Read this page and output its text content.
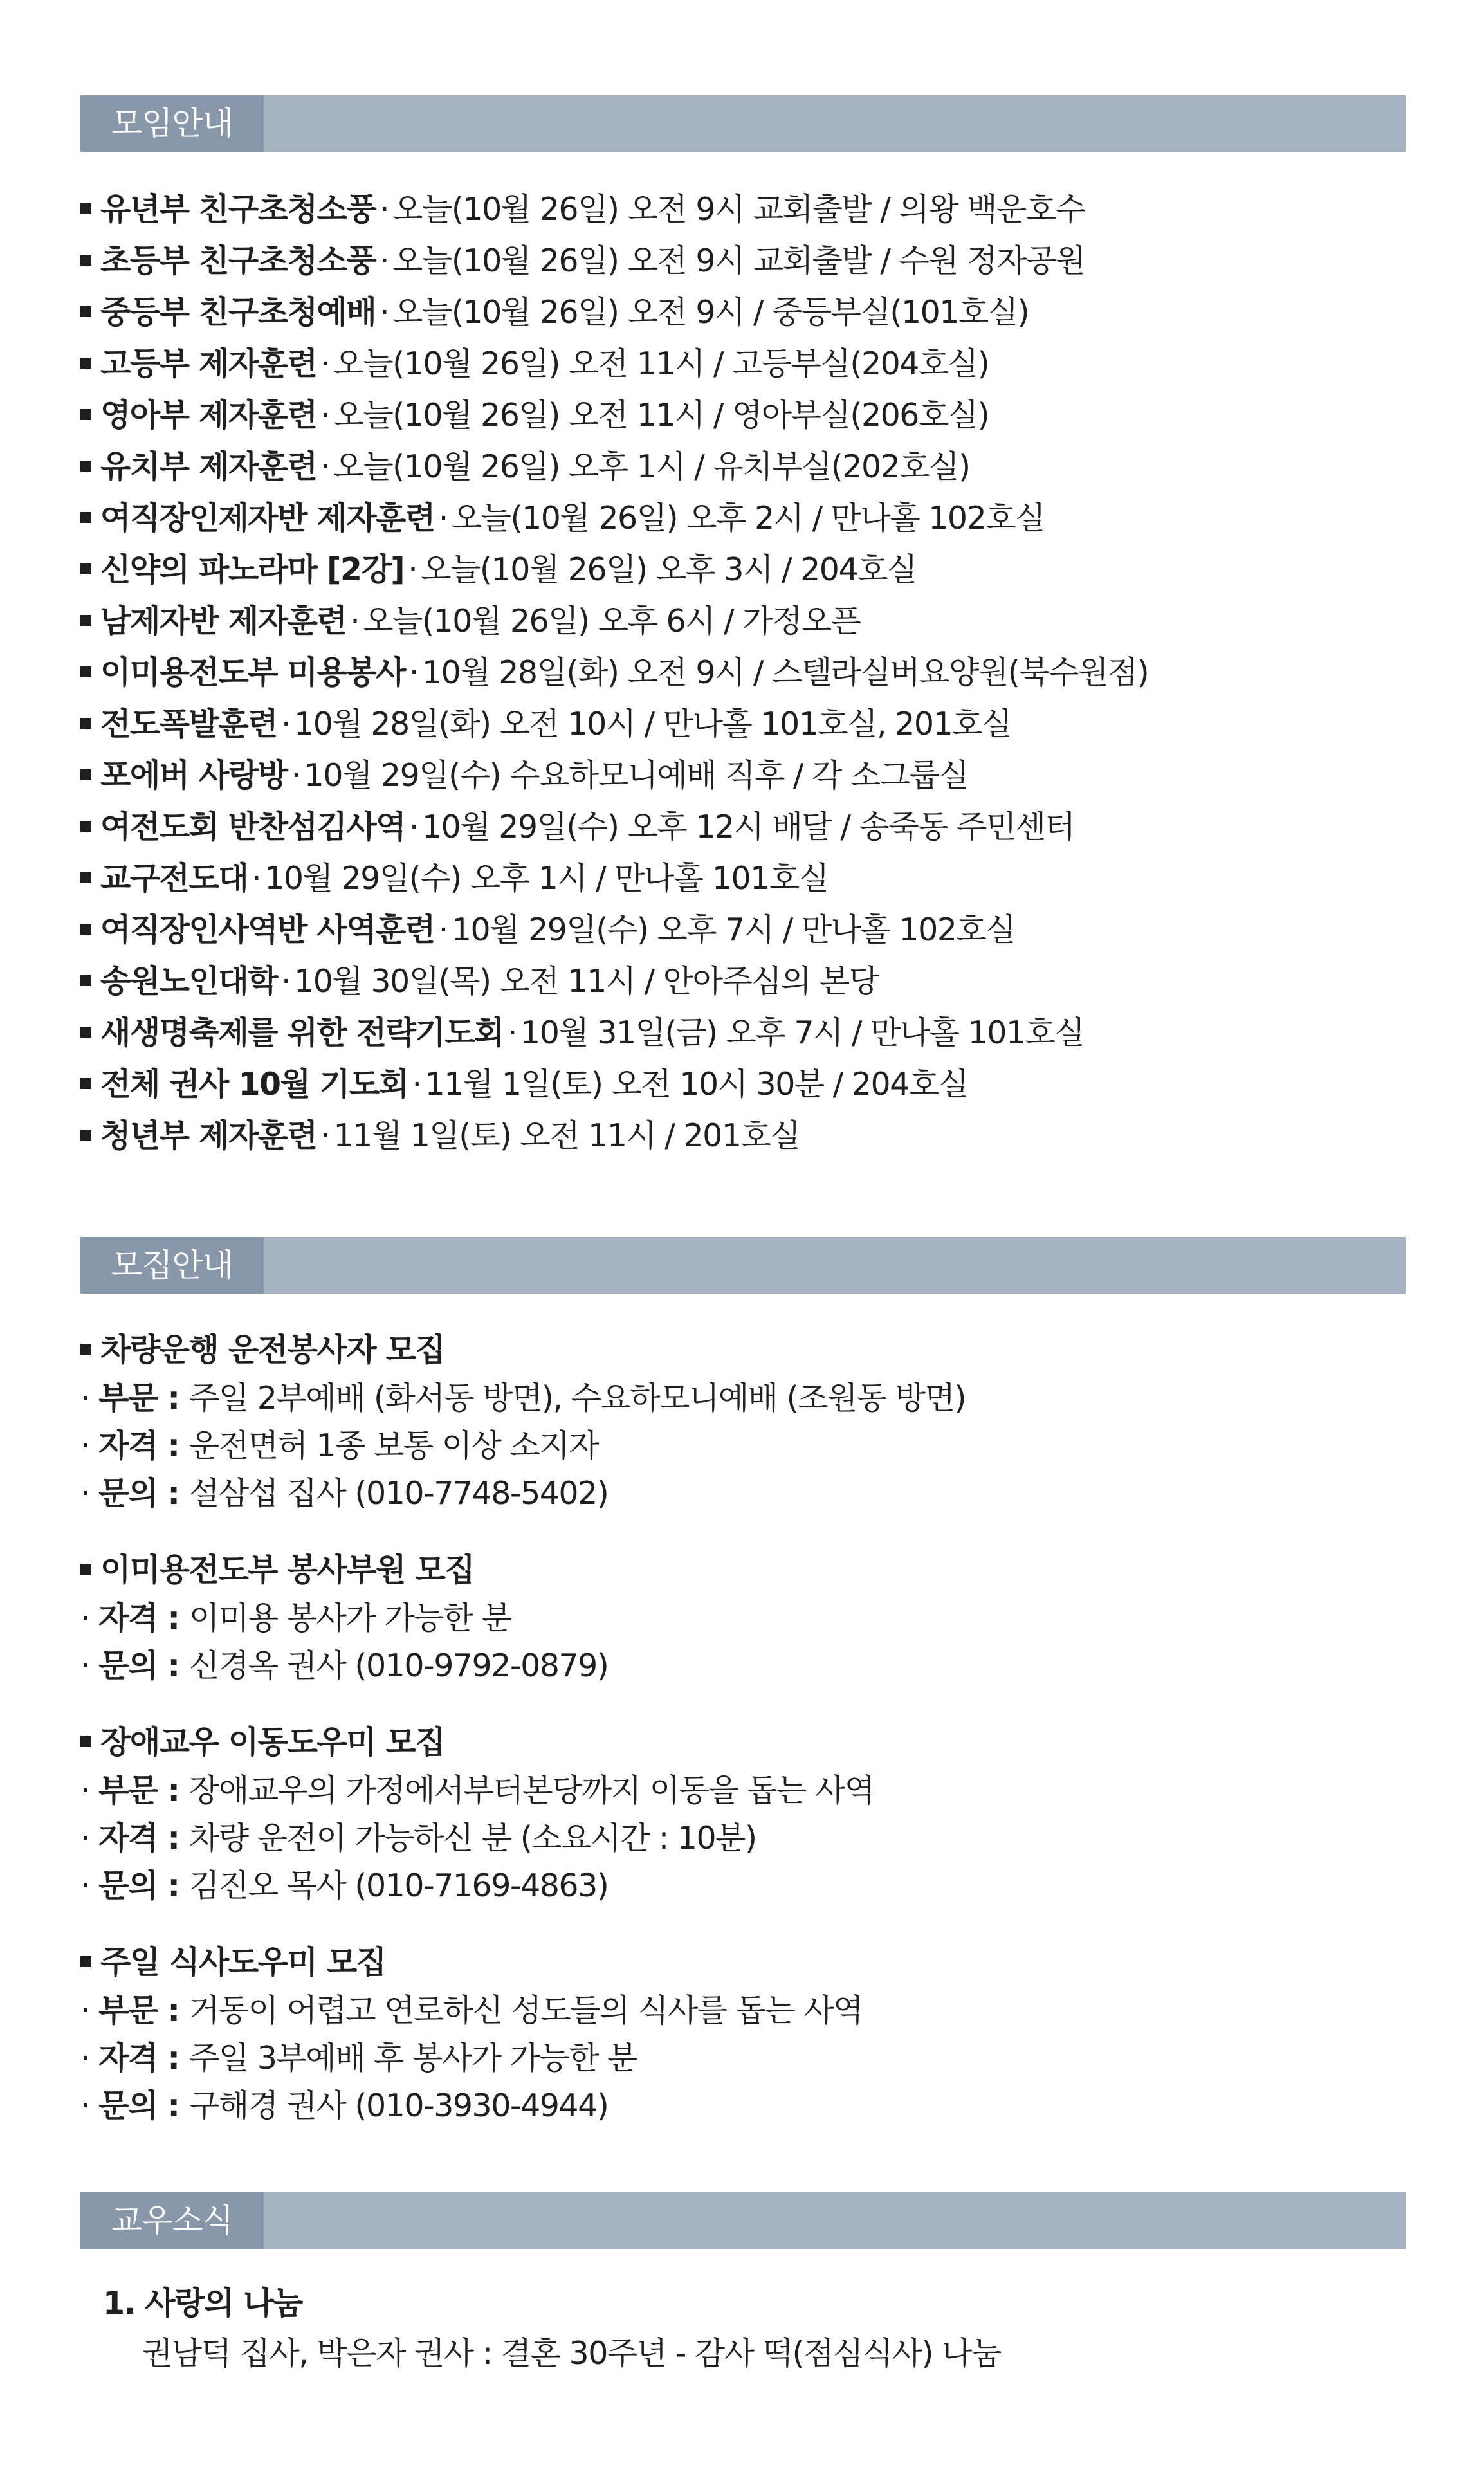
모임안내
유년부 친구초청소풍 · 오늘(10월 26일) 오전 9시 교회출발 / 의왕 백운호수
초등부 친구초청소풍 · 오늘(10월 26일) 오전 9시 교회출발 / 수원 정자공원
중등부 친구초청예배 · 오늘(10월 26일) 오전 9시 / 중등부실(101호실)
고등부 제자훈련 · 오늘(10월 26일) 오전 11시 / 고등부실(204호실)
영아부 제자훈련 · 오늘(10월 26일) 오전 11시 / 영아부실(206호실)
유치부 제자훈련 · 오늘(10월 26일) 오후 1시 / 유치부실(202호실)
여직장인제자반 제자훈련 · 오늘(10월 26일) 오후 2시 / 만나홀 102호실
신약의 파노라마 [2강] · 오늘(10월 26일) 오후 3시 / 204호실
남제자반 제자훈련 · 오늘(10월 26일) 오후 6시 / 가정오픈
이미용전도부 미용봉사 · 10월 28일(화) 오전 9시 / 스텔라실버요양원(북수원점)
전도폭발훈련 · 10월 28일(화) 오전 10시 / 만나홀 101호실, 201호실
포에버 사랑방 · 10월 29일(수) 수요하모니예배 직후 / 각 소그룹실
여전도회 반찬섬김사역 · 10월 29일(수) 오후 12시 배달 / 송죽동 주민센터
교구전도대 · 10월 29일(수) 오후 1시 / 만나홀 101호실
여직장인사역반 사역훈련 · 10월 29일(수) 오후 7시 / 만나홀 102호실
송원노인대학 · 10월 30일(목) 오전 11시 / 안아주심의 본당
새생명축제를 위한 전략기도회 · 10월 31일(금) 오후 7시 / 만나홀 101호실
전체 권사 10월 기도회 · 11월 1일(토) 오전 10시 30분 / 204호실
청년부 제자훈련 · 11월 1일(토) 오전 11시 / 201호실
모집안내
차량운행 운전봉사자 모집
· 부문 : 주일 2부예배 (화서동 방면), 수요하모니예배 (조원동 방면)
· 자격 : 운전면허 1종 보통 이상 소지자
· 문의 : 설삼섭 집사 (010-7748-5402)
이미용전도부 봉사부원 모집
· 자격 : 이미용 봉사가 가능한 분
· 문의 : 신경옥 권사 (010-9792-0879)
장애교우 이동도우미 모집
· 부문 : 장애교우의 가정에서부터본당까지 이동을 돕는 사역
· 자격 : 차량 운전이 가능하신 분 (소요시간 : 10분)
· 문의 : 김진오 목사 (010-7169-4863)
주일 식사도우미 모집
· 부문 : 거동이 어렵고 연로하신 성도들의 식사를 돕는 사역
· 자격 : 주일 3부예배 후 봉사가 가능한 분
· 문의 : 구해경 권사 (010-3930-4944)
교우소식
1. 사랑의 나눔
권남덕 집사, 박은자 권사 : 결혼 30주년 - 감사 떡(점심식사) 나눔
